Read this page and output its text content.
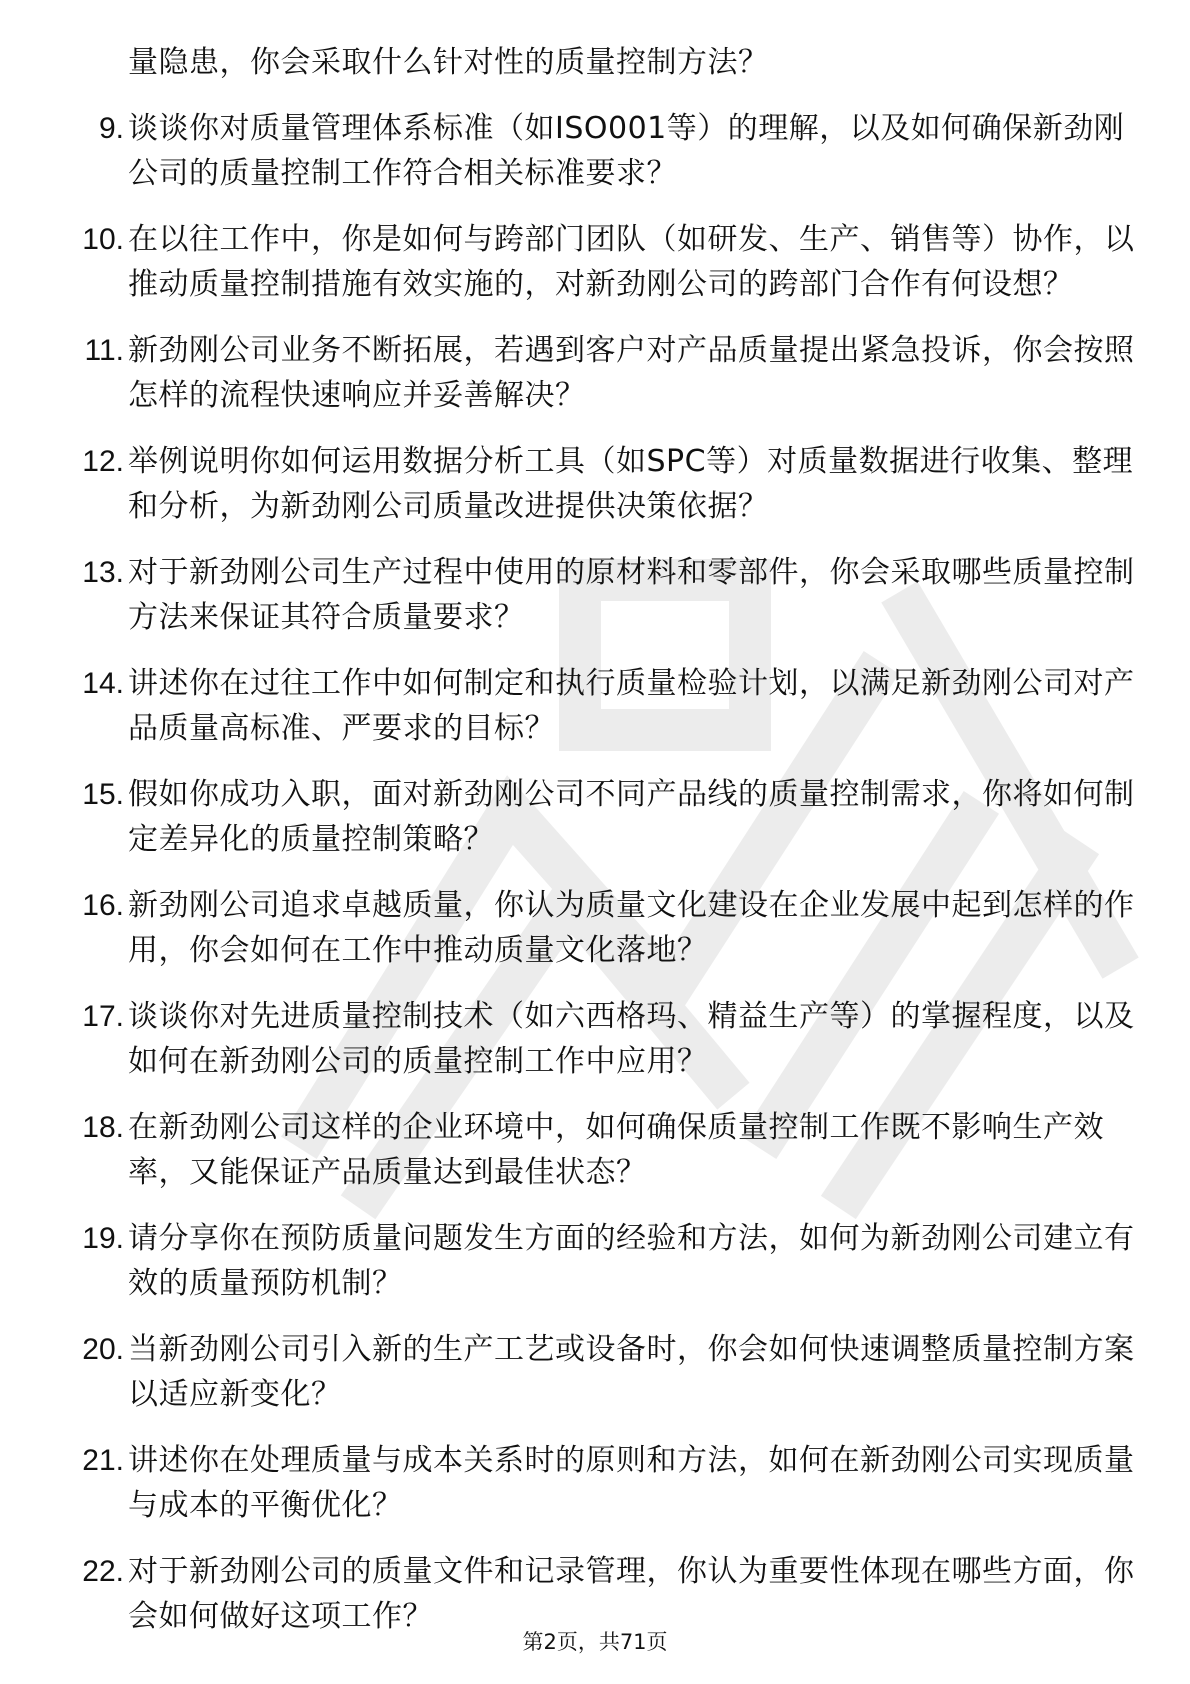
量隐患，你会采取什么针对性的质量控制方法？
9. 谈谈你对质量管理体系标准（如ISO001等）的理解，以及如何确保新劲刚公司的质量控制工作符合相关标准要求？
10. 在以往工作中，你是如何与跨部门团队（如研发、生产、销售等）协作，以推动质量控制措施有效实施的，对新劲刚公司的跨部门合作有何设想？
11. 新劲刚公司业务不断拓展，若遇到客户对产品质量提出紧急投诉，你会按照怎样的流程快速响应并妥善解决？
12. 举例说明你如何运用数据分析工具（如SPC等）对质量数据进行收集、整理和分析，为新劲刚公司质量改进提供决策依据？
13. 对于新劲刚公司生产过程中使用的原材料和零部件，你会采取哪些质量控制方法来保证其符合质量要求？
14. 讲述你在过往工作中如何制定和执行质量检验计划，以满足新劲刚公司对产品质量高标准、严要求的目标？
15. 假如你成功入职，面对新劲刚公司不同产品线的质量控制需求，你将如何制定差异化的质量控制策略？
16. 新劲刚公司追求卓越质量，你认为质量文化建设在企业发展中起到怎样的作用，你会如何在工作中推动质量文化落地？
17. 谈谈你对先进质量控制技术（如六西格玛、精益生产等）的掌握程度，以及如何在新劲刚公司的质量控制工作中应用？
18. 在新劲刚公司这样的企业环境中，如何确保质量控制工作既不影响生产效率，又能保证产品质量达到最佳状态？
19. 请分享你在预防质量问题发生方面的经验和方法，如何为新劲刚公司建立有效的质量预防机制？
20. 当新劲刚公司引入新的生产工艺或设备时，你会如何快速调整质量控制方案以适应新变化？
21. 讲述你在处理质量与成本关系时的原则和方法，如何在新劲刚公司实现质量与成本的平衡优化？
22. 对于新劲刚公司的质量文件和记录管理，你认为重要性体现在哪些方面，你会如何做好这项工作？
第2页，共71页
